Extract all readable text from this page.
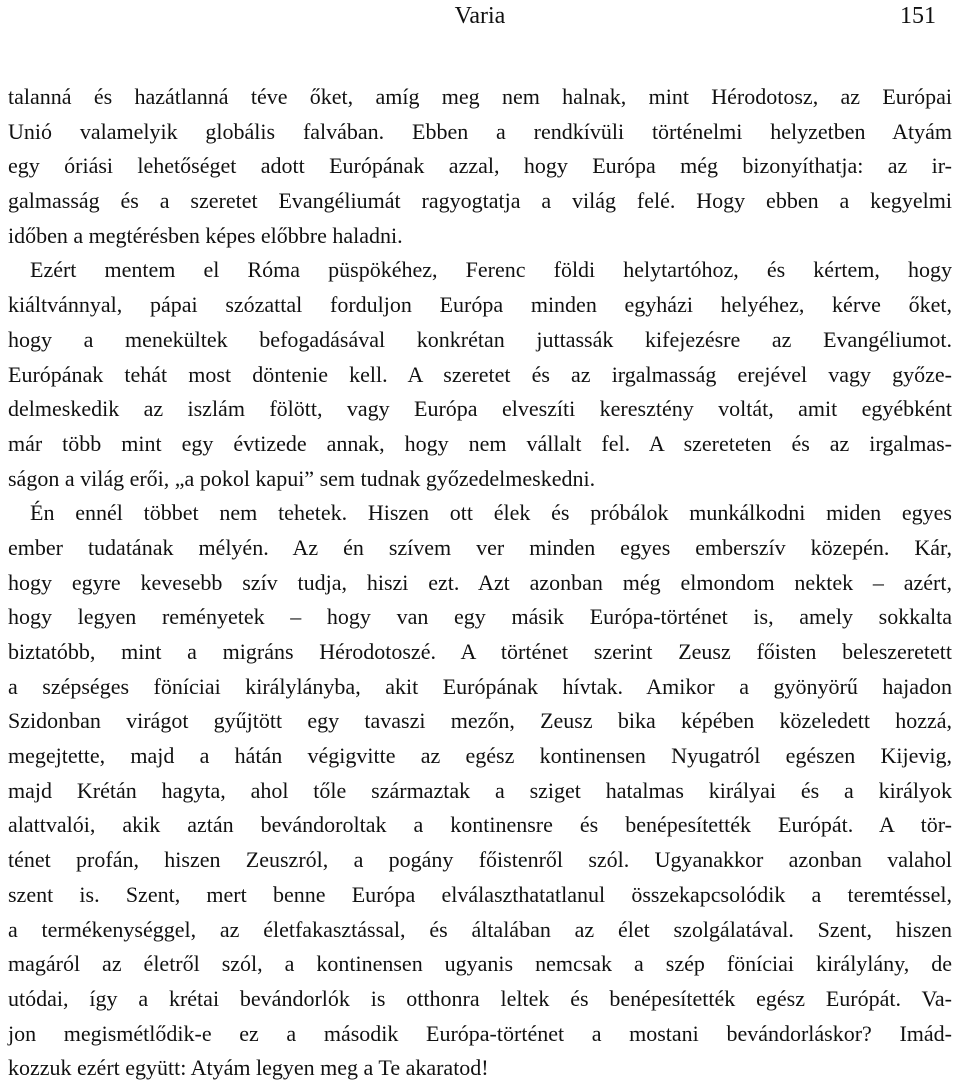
Varia	151
talanná és hazátlanná téve őket, amíg meg nem halnak, mint Hérodotosz, az Európai
Unió valamelyik globális falvában. Ebben a rendkívüli történelmi helyzetben Atyám
egy óriási lehetőséget adott Európának azzal, hogy Európa még bizonyíthatja: az ir-
galmasság és a szeretet Evangéliumát ragyogtatja a világ felé. Hogy ebben a kegyelmi
időben a megtérésben képes előbbre haladni.
Ezért mentem el Róma püspökéhez, Ferenc földi helytartóhoz, és kértem, hogy
kiáltvánnyal, pápai szózattal forduljon Európa minden egyházi helyéhez, kérve őket,
hogy a menekültek befogadásával konkrétan juttassák kifejezésre az Evangéliumot.
Európának tehát most döntenie kell. A szeretet és az irgalmasság erejével vagy győze-
delmeskedik az iszlám fölött, vagy Európa elveszíti keresztény voltát, amit egyébként
már több mint egy évtizede annak, hogy nem vállalt fel. A szereteten és az irgalmas-
ságon a világ erői, „a pokol kapui” sem tudnak győzedelmeskedni.
Én ennél többet nem tehetek. Hiszen ott élek és próbálok munkálkodni miden egyes
ember tudatának mélyén. Az én szívem ver minden egyes emberszív közepén. Kár,
hogy egyre kevesebb szív tudja, hiszi ezt. Azt azonban még elmondom nektek – azért,
hogy legyen reményetek – hogy van egy másik Európa-történet is, amely sokkalta
biztatóbb, mint a migráns Hérodotoszé. A történet szerint Zeusz főisten beleszeretett
a szépséges föníciai királylányba, akit Európának hívtak. Amikor a gyönyörű hajadon
Szidonban virágot gyűjtött egy tavaszi mezőn, Zeusz bika képében közeledett hozzá,
megejtette, majd a hátán végigvitte az egész kontinensen Nyugatról egészen Kijevig,
majd Krétán hagyta, ahol tőle származtak a sziget hatalmas királyai és a királyok
alattvalói, akik aztán bevándoroltak a kontinensre és benépesítették Európát. A tör-
ténet profán, hiszen Zeuszról, a pogány főistenről szól. Ugyanakkor azonban valahol
szent is. Szent, mert benne Európa elválaszthatatlanul összekapcsolódik a teremtéssel,
a termékenységgel, az életfakasztással, és általában az élet szolgálatával. Szent, hiszen
magáról az életről szól, a kontinensen ugyanis nemcsak a szép föníciai királylány, de
utódai, így a krétai bevándorlók is otthonra leltek és benépesítették egész Európát. Va-
jon megismétlődik-e ez a második Európa-történet a mostani bevándorláskor? Imád-
kozzuk ezért együtt: Atyám legyen meg a Te akaratod!
